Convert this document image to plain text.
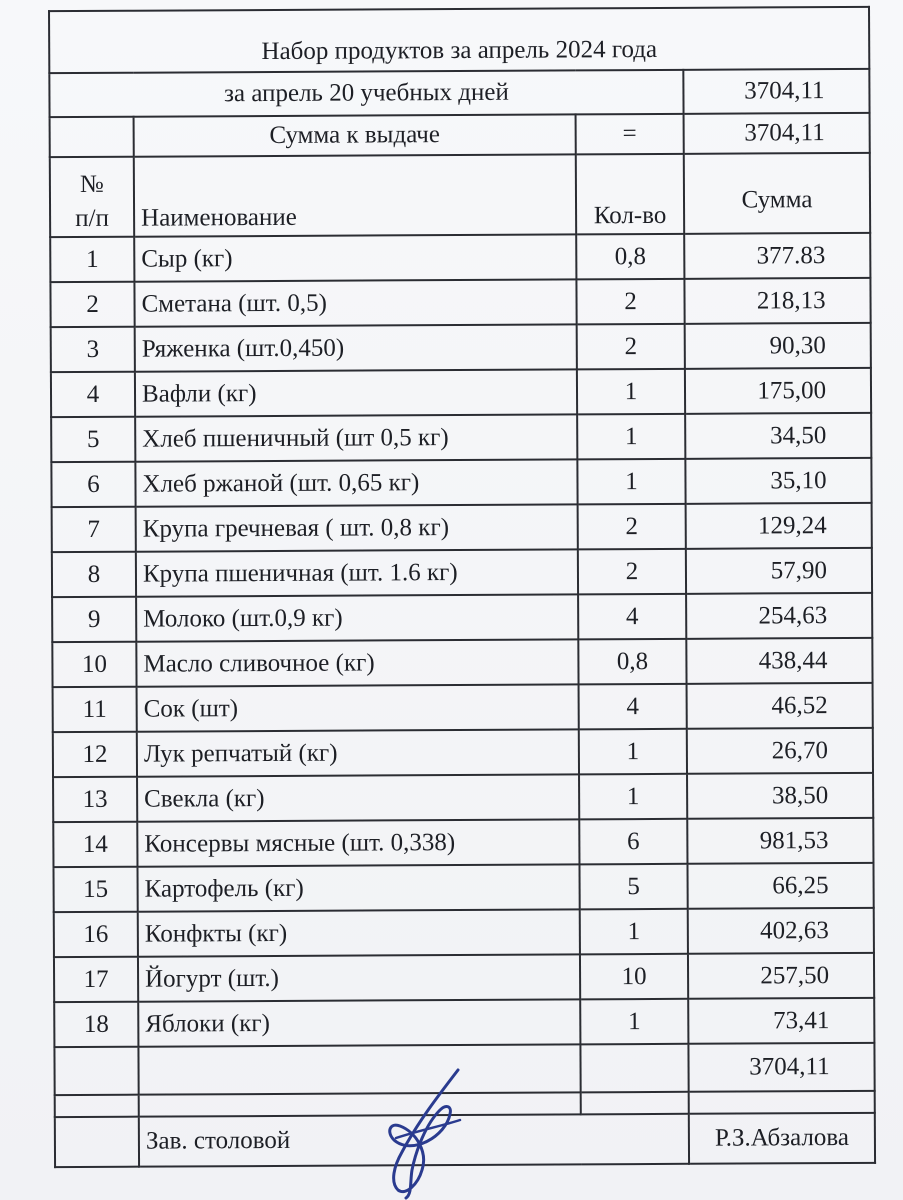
Набор продуктов за апрель 2024 года			
за апрель 20 учебных дней			3704,11
	Сумма к выдаче	=	3704,11

№
п/п	Наименование	Кол-во	Сумма
1	Сыр (кг)	0,8	377.83
2	Сметана (шт. 0,5)	2	218,13
3	Ряженка (шт.0,450)	2	90,30
4	Вафли (кг)	1	175,00
5	Хлеб пшеничный (шт 0,5 кг)	1	34,50
6	Хлеб ржаной (шт. 0,65 кг)	1	35,10
7	Крупа гречневая ( шт. 0,8 кг)	2	129,24
8	Крупа пшеничная (шт. 1.6 кг)	2	57,90
9	Молоко (шт.0,9 кг)	4	254,63
10	Масло сливочное (кг)	0,8	438,44
11	Сок (шт)	4	46,52
12	Лук репчатый (кг)	1	26,70
13	Свекла (кг)	1	38,50
14	Консервы мясные (шт. 0,338)	6	981,53
15	Картофель (кг)	5	66,25
16	Конфкты (кг)	1	402,63
17	Йогурт (шт.)	10	257,50
18	Яблоки (кг)	1	73,41
			3704,11

	Зав. столовой		Р.З.Абзалова
